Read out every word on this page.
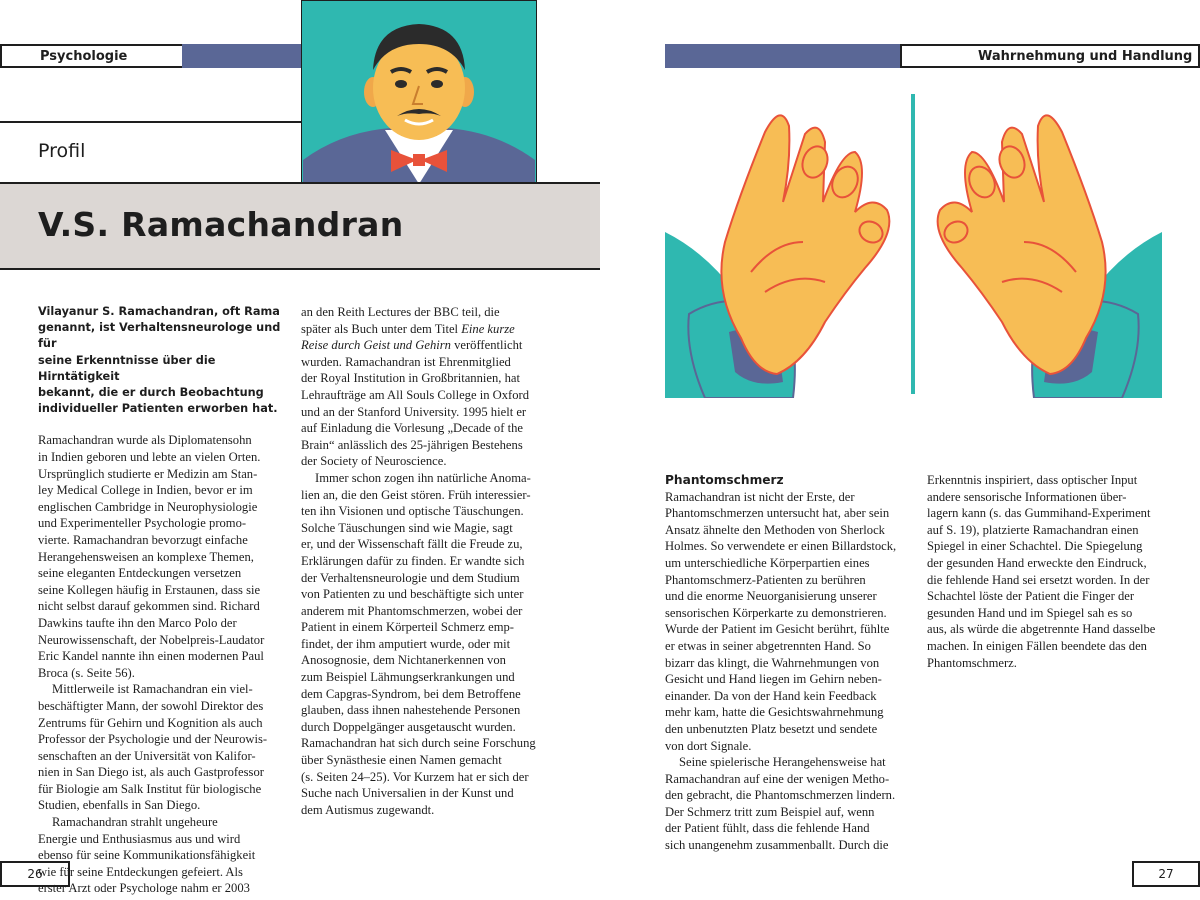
Psychologie
Profil
V.S. Ramachandran
Vilayanur S. Ramachandran, oft Rama
genannt, ist Verhaltensneurologe und für
seine Erkenntnisse über die Hirntätigkeit
bekannt, die er durch Beobachtung
individueller Patienten erworben hat.
Ramachandran wurde als Diplomatensohn
in Indien geboren und lebte an vielen Orten.
Ursprünglich studierte er Medizin am Stan-
ley Medical College in Indien, bevor er im
englischen Cambridge in Neurophysiologie
und Experimenteller Psychologie promo-
vierte. Ramachandran bevorzugt einfache
Herangehensweisen an komplexe Themen,
seine eleganten Entdeckungen versetzen
seine Kollegen häufig in Erstaunen, dass sie
nicht selbst darauf gekommen sind. Richard
Dawkins taufte ihn den Marco Polo der
Neurowissenschaft, der Nobelpreis-Laudator
Eric Kandel nannte ihn einen modernen Paul
Broca (s. Seite 56).
Mittlerweile ist Ramachandran ein viel-
beschäftigter Mann, der sowohl Direktor des
Zentrums für Gehirn und Kognition als auch
Professor der Psychologie und der Neurowis-
senschaften an der Universität von Kalifor-
nien in San Diego ist, als auch Gastprofessor
für Biologie am Salk Institut für biologische
Studien, ebenfalls in San Diego.
Ramachandran strahlt ungeheure
Energie und Enthusiasmus aus und wird
ebenso für seine Kommunikationsfähigkeit
wie für seine Entdeckungen gefeiert. Als
erster Arzt oder Psychologe nahm er 2003
an den Reith Lectures der BBC teil, die
später als Buch unter dem Titel Eine kurze
Reise durch Geist und Gehirn veröffentlicht
wurden. Ramachandran ist Ehrenmitglied
der Royal Institution in Großbritannien, hat
Lehraufträge am All Souls College in Oxford
und an der Stanford University. 1995 hielt er
auf Einladung die Vorlesung „Decade of the
Brain“ anlässlich des 25-jährigen Bestehens
der Society of Neuroscience.
Immer schon zogen ihn natürliche Anoma-
lien an, die den Geist stören. Früh interessier-
ten ihn Visionen und optische Täuschungen.
Solche Täuschungen sind wie Magie, sagt
er, und der Wissenschaft fällt die Freude zu,
Erklärungen dafür zu finden. Er wandte sich
der Verhaltensneurologie und dem Studium
von Patienten zu und beschäftigte sich unter
anderem mit Phantomschmerzen, wobei der
Patient in einem Körperteil Schmerz emp-
findet, der ihm amputiert wurde, oder mit
Anosognosie, dem Nichtanerkennen von
zum Beispiel Lähmungserkrankungen und
dem Capgras-Syndrom, bei dem Betroffene
glauben, dass ihnen nahestehende Personen
durch Doppelgänger ausgetauscht wurden.
Ramachandran hat sich durch seine Forschung
über Synästhesie einen Namen gemacht
(s. Seiten 24–25). Vor Kurzem hat er sich der
Suche nach Universalien in der Kunst und
dem Autismus zugewandt.
26
Wahrnehmung und Handlung
Phantomschmerz
Ramachandran ist nicht der Erste, der
Phantomschmerzen untersucht hat, aber sein
Ansatz ähnelte den Methoden von Sherlock
Holmes. So verwendete er einen Billardstock,
um unterschiedliche Körperpartien eines
Phantomschmerz-Patienten zu berühren
und die enorme Neuorganisierung unserer
sensorischen Körperkarte zu demonstrieren.
Wurde der Patient im Gesicht berührt, fühlte
er etwas in seiner abgetrennten Hand. So
bizarr das klingt, die Wahrnehmungen von
Gesicht und Hand liegen im Gehirn neben-
einander. Da von der Hand kein Feedback
mehr kam, hatte die Gesichtswahrnehmung
den unbenutzten Platz besetzt und sendete
von dort Signale.
Seine spielerische Herangehensweise hat
Ramachandran auf eine der wenigen Metho-
den gebracht, die Phantomschmerzen lindern.
Der Schmerz tritt zum Beispiel auf, wenn
der Patient fühlt, dass die fehlende Hand
sich unangenehm zusammenballt. Durch die
Erkenntnis inspiriert, dass optischer Input
andere sensorische Informationen über-
lagern kann (s. das Gummihand-Experiment
auf S. 19), platzierte Ramachandran einen
Spiegel in einer Schachtel. Die Spiegelung
der gesunden Hand erweckte den Eindruck,
die fehlende Hand sei ersetzt worden. In der
Schachtel löste der Patient die Finger der
gesunden Hand und im Spiegel sah es so
aus, als würde die abgetrennte Hand dasselbe
machen. In einigen Fällen beendete das den
Phantomschmerz.
27
